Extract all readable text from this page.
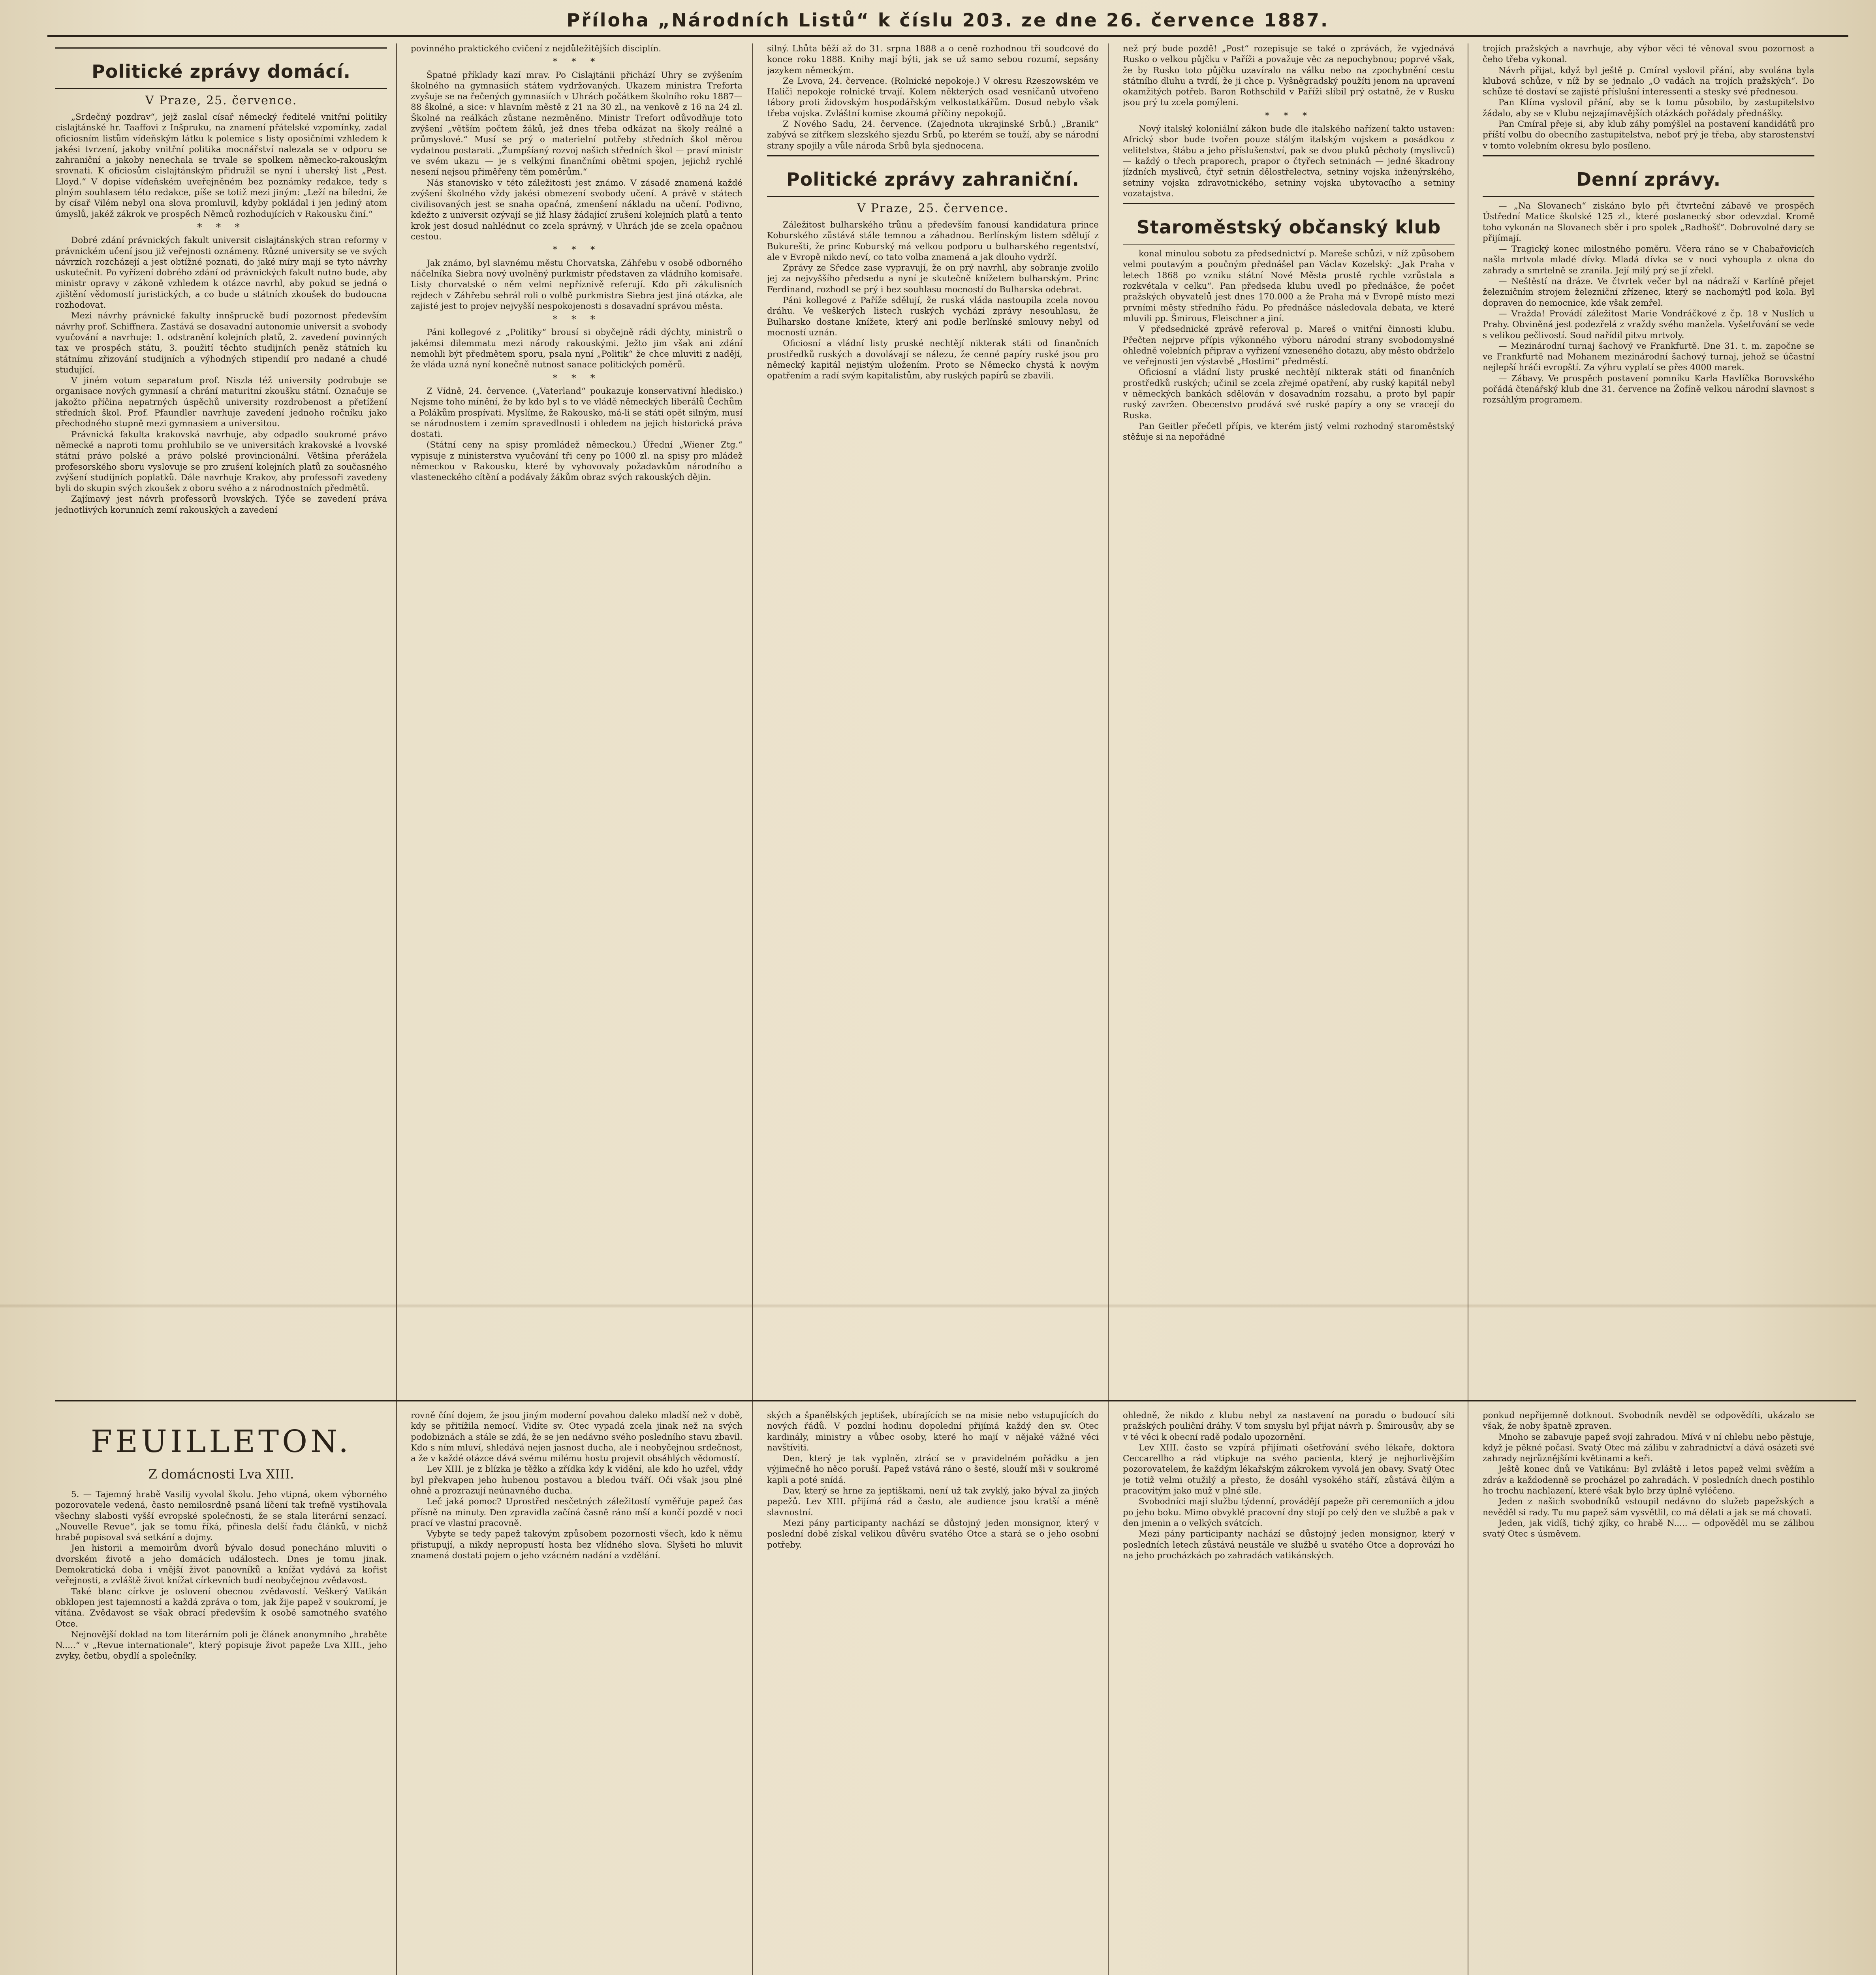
Příloha „Národních Listů“ k číslu 203. ze dne 26. července 1887.
Politické zprávy domácí.
V Praze, 25. července.

„Srdečný pozdrav“, jejž zaslal císař německý ředitelé vnitřní politiky cislajtánské hr. Taaffovi z Inšpruku, na znamení přátelské vzpomínky, zadal oficiosním listům vídeňským látku k polemice s listy oposičními vzhledem k jakési tvrzení, jakoby vnitřní politika mocnářství nalezala se v odporu se zahraniční a jakoby nenechala se trvale se spolkem německo-rakouským srovnati. K oficiosům cislajtánským přidružil se nyní i uherský list „Pest. Lloyd.“ V dopise vídeňském uveřejněném bez poznámky redakce, tedy s plným souhlasem této redakce, píše se totiž mezi jiným: „Leží na bíledni, že by císař Vilém nebyl ona slova promluvil, kdyby pokládal i jen jediný atom úmyslů, jakéž zákrok ve prospěch Němců rozhodujících v Rakousku činí.“

* * *

Dobré zdání právnických fakult universit cislajtánských stran reformy v právnickém učení jsou již veřejnosti oznámeny. Různé university se ve svých návrzích rozcházejí a jest obtížné poznati, do jaké míry mají se tyto návrhy uskutečnit. Po vyřízení dobrého zdání od právnických fakult nutno bude, aby ministr opravy v zákoně vzhledem k otázce navrhl, aby pokud se jedná o zjištění vědomostí juristických, a co bude u státních zkoušek do budoucna rozhodovat.

Mezi návrhy právnické fakulty innšpruckě budí pozornost především návrhy prof. Schiffnera. Zastává se dosavadní autonomie universit a svobody vyučování a navrhuje: 1. odstranění kolejních platů, 2. zavedení povinných tax ve prospěch státu, 3. použití těchto studijních peněz státních ku státnímu zřizování studijních a výhodných stipendií pro nadané a chudé studující.

V jiném votum separatum prof. Niszla též university podrobuje se organisace nových gymnasií a chrání maturitní zkoušku státní. Označuje se jakožto příčina nepatrných úspěchů university rozdrobenost a přetížení středních škol. Prof. Pfaundler navrhuje zavedení jednoho ročníku jako přechodného stupně mezi gymnasiem a universitou.

Právnická fakulta krakovská navrhuje, aby odpadlo soukromé právo německé a naproti tomu prohlubilo se ve universitách krakovské a lvovské státní právo polské a právo polské provincionální. Většina přerážela profesorského sboru vyslovuje se pro zrušení kolejních platů za současného zvýšení studijních poplatků. Dále navrhuje Krakov, aby professoři zavedeny byli do skupin svých zkoušek z oboru svého a z národnostních předmětů.

Zajímavý jest návrh professorů lvovských. Týče se zavedení práva jednotlivých korunních zemí rakouských a zavedení

povinného praktického cvičení z nejdůležitějších disciplín.

* * *

Špatné příklady kazí mrav. Po Cislajtánii přichází Uhry se zvýšením školného na gymnasiích státem vydržovaných. Ukazem ministra Treforta zvyšuje se na řečených gymnasiích v Uhrách počátkem školního roku 1887—88 školné, a sice: v hlavním městě z 21 na 30 zl., na venkově z 16 na 24 zl. Školné na reálkách zůstane nezměněno. Ministr Trefort odůvodňuje toto zvýšení „větším počtem žáků, jež dnes třeba odkázat na školy reálné a průmyslové.“ Musí se prý o materielní potřeby středních škol měrou vydatnou postarati. „Žumpšíaný rozvoj našich středních škol — praví ministr ve svém ukazu — je s velkými finančními obětmi spojen, jejichž rychlé nesení nejsou přiměřeny těm poměrům.“

Nás stanovisko v této záležitosti jest známo. V zásadě znamená každé zvýšení školného vždy jakési obmezení svobody učení. A právě v státech civilisovaných jest se snaha opačná, zmenšení nákladu na učení. Podivno, kdežto z universit ozývají se již hlasy žádající zrušení kolejních platů a tento krok jest dosud nahlédnut co zcela správný, v Uhrách jde se zcela opačnou cestou.

* * *

Jak známo, byl slavnému městu Chorvatska, Záhřebu v osobě odborného náčelníka Siebra nový uvolněný purkmistr představen za vládního komisaře. Listy chorvatské o něm velmi nepříznivě referují. Kdo při zákulisních rejdech v Záhřebu sehrál roli o volbě purkmistra Siebra jest jiná otázka, ale zajisté jest to projev nejvyšší nespokojenosti s dosavadní správou města.

* * *

Páni kollegové z „Politiky“ brousí si obyčejně rádi dýchty, ministrů o jakémsi dilemmatu mezi národy rakouskými. Ježto jim však ani zdání nemohli být předmětem sporu, psala nyní „Politik“ že chce mluviti z nadějí, že vláda uzná nyní konečně nutnost sanace politických poměrů.

* * *

Z Vídně, 24. července. („Vaterland“ poukazuje konservativní hledisko.) Nejsme toho mínění, že by kdo byl s to ve vládě německých liberálů Čechům a Polákům prospívati. Myslíme, že Rakousko, má-li se státi opět silným, musí se národnostem i zemím spravedlnosti i ohledem na jejich historická práva dostati.

(Státní ceny na spisy promládež německou.) Úřední „Wiener Ztg.“ vypisuje z ministerstva vyučování tři ceny po 1000 zl. na spisy pro mládež německou v Rakousku, které by vyhovovaly požadavkům národního a vlasteneckého cítění a podávaly žákům obraz svých rakouských dějin.

silný. Lhůta běží až do 31. srpna 1888 a o ceně rozhodnou tři soudcové do konce roku 1888. Knihy mají býti, jak se už samo sebou rozumí, sepsány jazykem německým.

Ze Lvova, 24. července. (Rolnické nepokoje.) V okresu Rzeszowském ve Haliči nepokoje rolnické trvají. Kolem některých osad vesničanů utvořeno tábory proti židovským hospodářským velkostatkářům. Dosud nebylo však třeba vojska. Zvláštní komise zkoumá příčiny nepokojů.

Z Nového Sadu, 24. července. (Zajednota ukrajinské Srbů.) „Branik“ zabývá se zítřkem slezského sjezdu Srbů, po kterém se touží, aby se národní strany spojily a vůle národa Srbů byla sjednocena.

Politické zprávy zahraniční.
V Praze, 25. července.

Záležitost bulharského trůnu a především fanousí kandidatura prince Koburského zůstává stále temnou a záhadnou. Berlínským listem sdělují z Bukurešti, že princ Koburský má velkou podporu u bulharského regentství, ale v Evropě nikdo neví, co tato volba znamená a jak dlouho vydrží.

Zprávy ze Sředce zase vypravují, že on prý navrhl, aby sobranje zvolilo jej za nejvyššího předsedu a nyní je skutečně knížetem bulharským. Princ Ferdinand, rozhodl se prý i bez souhlasu mocností do Bulharska odebrat.

Páni kollegové z Paříže sdělují, že ruská vláda nastoupila zcela novou dráhu. Ve veškerých listech ruských vychází zprávy nesouhlasu, že Bulharsko dostane knížete, který ani podle berlínské smlouvy nebyl od mocností uznán.

Oficiosní a vládní listy pruské nechtějí nikterak státi od finančních prostředků ruských a dovolávají se nálezu, že cenné papíry ruské jsou pro německý kapitál nejistým uložením. Proto se Německo chystá k novým opatřením a radí svým kapitalistům, aby ruských papírů se zbavili.

než prý bude pozdě! „Post“ rozepisuje se také o zprávách, že vyjednává Rusko o velkou půjčku v Paříži a považuje věc za nepochybnou; poprvé však, že by Rusko toto půjčku uzavíralo na válku nebo na zpochybnění cestu státního dluhu a tvrdí, že ji chce p. Vyšněgradský použíti jenom na upravení okamžitých potřeb. Baron Rothschild v Paříži slíbil prý ostatně, že v Rusku jsou prý tu zcela pomýleni.

* * *

Nový italský koloniální zákon bude dle italského nařízení takto ustaven: Africký sbor bude tvořen pouze stálým italským vojskem a posádkou z velitelstva, štábu a jeho příslušenství, pak se dvou pluků pěchoty (myslivců) — každý o třech praporech, prapor o čtyřech setninách — jedné škadrony jízdních myslivců, čtyř setnin dělostřelectva, setniny vojska inženýrského, setniny vojska zdravotnického, setniny vojska ubytovacího a setniny vozatajstva.

Staroměstský občanský klub

konal minulou sobotu za předsednictví p. Mareše schůzi, v níž způsobem velmi poutavým a poučným přednášel pan Václav Kozelský: „Jak Praha v letech 1868 po vzniku státní Nové Města prostě rychle vzrůstala a rozkvétala v celku“. Pan předseda klubu uvedl po přednášce, že počet pražských obyvatelů jest dnes 170.000 a že Praha má v Evropě místo mezi prvními městy středního řádu. Po přednášce následovala debata, ve které mluvili pp. Šmirous, Fleischner a jiní.

V předsednické zprávě referoval p. Mareš o vnitřní činnosti klubu. Přečten nejprve přípis výkonného výboru národní strany svobodomyslné ohledně volebních připrav a vyřizení vzneseného dotazu, aby město obdrželo ve veřejnosti jen výstavbě „Hostimi“ předměstí.

Oficiosní a vládní listy pruské nechtějí nikterak státi od finančních prostředků ruských; učinil se zcela zřejmé opatření, aby ruský kapitál nebyl v německých bankách sdělován v dosavadním rozsahu, a proto byl papír ruský zavržen. Obecenstvo prodává své ruské papíry a ony se vracejí do Ruska.

Pan Geitler přečetl přípis, ve kterém jistý velmi rozhodný staroměstský stěžuje si na nepořádné

trojích pražských a navrhuje, aby výbor věci té věnoval svou pozornost a čeho třeba vykonal.

Návrh přijat, když byl ještě p. Cmíral vyslovil přání, aby svolána byla klubová schůze, v níž by se jednalo „O vadách na trojích pražských“. Do schůze té dostaví se zajisté příslušní interessenti a stesky své přednesou.

Pan Klíma vyslovil přání, aby se k tomu působilo, by zastupitelstvo žádalo, aby se v Klubu nejzajímavějších otázkách pořádaly přednášky.

Pan Cmíral přeje si, aby klub záhy pomýšlel na postavení kandidátů pro příští volbu do obecního zastupitelstva, neboť prý je třeba, aby starostenství v tomto volebním okresu bylo posíleno.

Denní zprávy.

— „Na Slovanech“ ziskáno bylo při čtvrteční zábavě ve prospěch Ústřední Matice školské 125 zl., které poslanecký sbor odevzdal. Kromě toho vykonán na Slovanech sběr i pro spolek „Radhošť“. Dobrovolné dary se přijímají.

— Tragický konec milostného poměru. Včera ráno se v Chabařovicích našla mrtvola mladé dívky. Mladá dívka se v noci vyhoupla z okna do zahrady a smrtelně se zranila. Její milý prý se jí zřekl.

— Neštěstí na dráze. Ve čtvrtek večer byl na nádraží v Karlíně přejet železničním strojem železniční zřízenec, který se nachomýtl pod kola. Byl dopraven do nemocnice, kde však zemřel.

— Vražda! Provádí záležitost Marie Vondráčkové z čp. 18 v Nuslích u Prahy. Obviněná jest podezřelá z vraždy svého manžela. Vyšetřování se vede s velikou pečlivostí. Soud nařídil pitvu mrtvoly.

— Mezinárodní turnaj šachový ve Frankfurtě. Dne 31. t. m. započne se ve Frankfurtě nad Mohanem mezinárodní šachový turnaj, jehož se účastní nejlepší hráči evropští. Za výhru vyplatí se přes 4000 marek.

— Zábavy. Ve prospěch postavení pomníku Karla Havlíčka Borovského pořádá čtenářský klub dne 31. července na Žofíně velkou národní slavnost s rozsáhlým programem.

FEUILLETON.
Z domácnosti Lva XIII.

5. — Tajemný hrabě Vasilij vyvolal školu. Jeho vtipná, okem výborného pozorovatele vedená, často nemilosrdně psaná líčení tak trefně vystihovala všechny slabosti vyšší evropské společnosti, že se stala literární senzací. „Nouvelle Revue“, jak se tomu říká, přinesla delší řadu článků, v nichž hrabě popisoval svá setkání a dojmy.

Jen historii a memoirům dvorů bývalo dosud ponecháno mluviti o dvorském životě a jeho domácích událostech. Dnes je tomu jinak. Demokratická doba i vnější život panovníků a knížat vydává za kořist veřejnosti, a zvláště život knížat církevních budí neobyčejnou zvědavost.

Také blanc církve je oslovení obecnou zvědavostí. Veškerý Vatikán obklopen jest tajemností a každá zpráva o tom, jak žije papež v soukromí, je vítána. Zvědavost se však obrací především k osobě samotného svatého Otce.

Nejnovější doklad na tom literárním poli je článek anonymního „hraběte N.....“ v „Revue internationale“, který popisuje život papeže Lva XIII., jeho zvyky, četbu, obydlí a společníky.

rovně číní dojem, že jsou jiným moderní povahou daleko mladší než v době, kdy se přitížila nemocí. Vidíte sv. Otec vypadá zcela jinak než na svých podobiznách a stále se zdá, že se jen nedávno svého posledního stavu zbavil. Kdo s ním mluví, shledává nejen jasnost ducha, ale i neobyčejnou srdečnost, a že v každé otázce dává svému milému hostu projevit obsáhlých vědomostí.

Lev XIII. je z blízka je těžko a zřídka kdy k vidění, ale kdo ho uzřel, vždy byl překvapen jeho hubenou postavou a bledou tváří. Oči však jsou plné ohně a prozrazují neúnavného ducha.

Leč jaká pomoc? Uprostřed nesčetných záležitostí vyměřuje papež čas přísně na minuty. Den zpravidla začíná časně ráno mší a končí pozdě v noci prací ve vlastní pracovně.

Vybyte se tedy papež takovým způsobem pozornosti všech, kdo k němu přistupují, a nikdy nepropustí hosta bez vlídného slova. Slyšeti ho mluvit znamená dostati pojem o jeho vzácném nadání a vzdělání.

ských a španělských jeptišek, ubírajících se na misie nebo vstupujících do nových řádů. V pozdní hodinu dopolední přijímá každý den sv. Otec kardinály, ministry a vůbec osoby, které ho mají v nějaké vážné věci navštíviti.

Den, který je tak vyplněn, ztrácí se v pravidelném pořádku a jen výjimečně ho něco poruší. Papež vstává ráno o šesté, slouží mši v soukromé kapli a poté snídá.

Dav, který se hrne za jeptiškami, není už tak zvyklý, jako býval za jiných papežů. Lev XIII. přijímá rád a často, ale audience jsou kratší a méně slavnostní.

Mezi pány participanty nachází se důstojný jeden monsignor, který v poslední době získal velikou důvěru svatého Otce a stará se o jeho osobní potřeby.

ohledně, že nikdo z klubu nebyl za nastavení na poradu o budoucí síti pražských pouliční dráhy. V tom smyslu byl přijat návrh p. Šmirousův, aby se v té věci k obecní radě podalo upozornění.

Lev XIII. často se vzpírá přijímati ošetřování svého lékaře, doktora Ceccarellho a rád vtipkuje na svého pacienta, který je nejhorlivějším pozorovatelem, že každým lékařským zákrokem vyvolá jen obavy. Svatý Otec je totiž velmi otužilý a přesto, že dosáhl vysokého stáří, zůstává čilým a pracovitým jako muž v plné síle.

Svobodníci mají službu týdenní, provádějí papeže při ceremoniích a jdou po jeho boku. Mimo obvyklé pracovní dny stojí po celý den ve službě a pak v den jmenin a o velkých svátcích.

Mezi pány participanty nachází se důstojný jeden monsignor, který v posledních letech zůstává neustále ve službě u svatého Otce a doprovází ho na jeho procházkách po zahradách vatikánských.

ponkud nepřijemně dotknout. Svobodník nevděl se odpovědíti, ukázalo se však, že noby špatně zpraven.

Mnoho se zabavuje papež svojí zahradou. Mívá v ní chlebu nebo pěstuje, když je pěkné počasí. Svatý Otec má zálibu v zahradnictví a dává osázeti své zahrady nejrůznějšími květinami a keři.

Ještě konec dnů ve Vatikánu: Byl zvláště i letos papež velmi svěžím a zdráv a každodenně se procházel po zahradách. V posledních dnech postihlo ho trochu nachlazení, které však bylo brzy úplně vyléčeno.

Jeden z našich svobodníků vstoupil nedávno do služeb papežských a nevěděl si rady. Tu mu papež sám vysvětlil, co má dělati a jak se má chovati.

Jeden, jak vidíš, tichý zjíky, co hrabě N..... — odpověděl mu se zálibou svatý Otec s úsměvem.
